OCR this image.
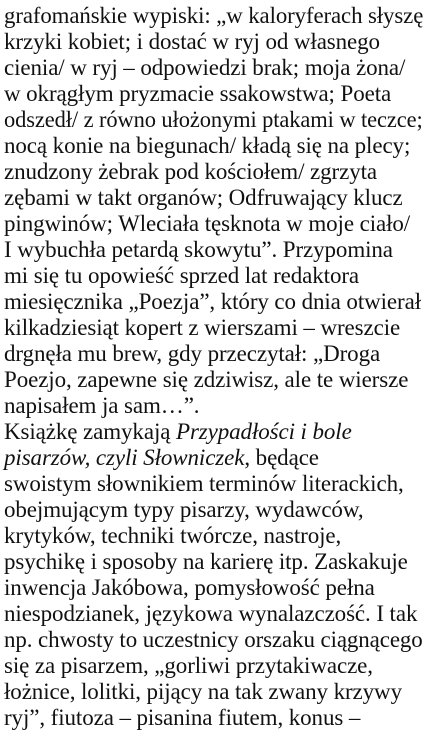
grafomańskie wypiski: „w kaloryferach słyszę
krzyki kobiet; i dostać w ryj od własnego
cienia/ w ryj – odpowiedzi brak; moja żona/
w okrągłym pryzmacie ssakowstwa; Poeta
odszedł/ z równo ułożonymi ptakami w teczce;
nocą konie na biegunach/ kładą się na plecy;
znudzony żebrak pod kościołem/ zgrzyta
zębami w takt organów; Odfruwający klucz
pingwinów; Wleciała tęsknota w moje ciało/
I wybuchła petardą skowytu”. Przypomina
mi się tu opowieść sprzed lat redaktora
miesięcznika „Poezja”, który co dnia otwierał
kilkadziesiąt kopert z wierszami – wreszcie
drgnęła mu brew, gdy przeczytał: „Droga
Poezjo, zapewne się zdziwisz, ale te wiersze
napisałem ja sam…”.
Książkę zamykają Przypadłości i bole
pisarzów, czyli Słowniczek, będące
swoistym słownikiem terminów literackich,
obejmującym typy pisarzy, wydawców,
krytyków, techniki twórcze, nastroje,
psychikę i sposoby na karierę itp. Zaskakuje
inwencja Jakóbowa, pomysłowość pełna
niespodzianek, językowa wynalazczość. I tak
np. chwosty to uczestnicy orszaku ciągnącego
się za pisarzem, „gorliwi przytakiwacze,
łożnice, lolitki, pijący na tak zwany krzywy
ryj”, fiutoza – pisanina fiutem, konus –
